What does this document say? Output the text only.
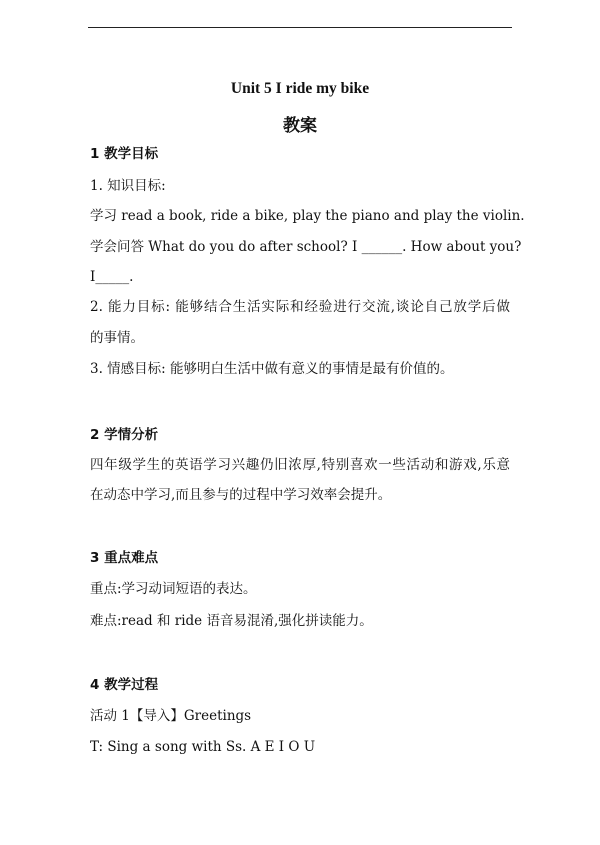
Unit 5 I ride my bike
教案
1 教学目标
1. 知识目标:
学习 read a book, ride a bike, play the piano and play the violin.
学会问答 What do you do after school? I ______. How about you?
I_____.
2. 能力目标: 能够结合生活实际和经验进行交流,谈论自己放学后做
的事情。
3. 情感目标: 能够明白生活中做有意义的事情是最有价值的。
2 学情分析
四年级学生的英语学习兴趣仍旧浓厚,特别喜欢一些活动和游戏,乐意
在动态中学习,而且参与的过程中学习效率会提升。
3 重点难点
重点:学习动词短语的表达。
难点:read 和 ride 语音易混淆,强化拼读能力。
4 教学过程
活动 1【导入】Greetings
T: Sing a song with Ss. A E I O U
